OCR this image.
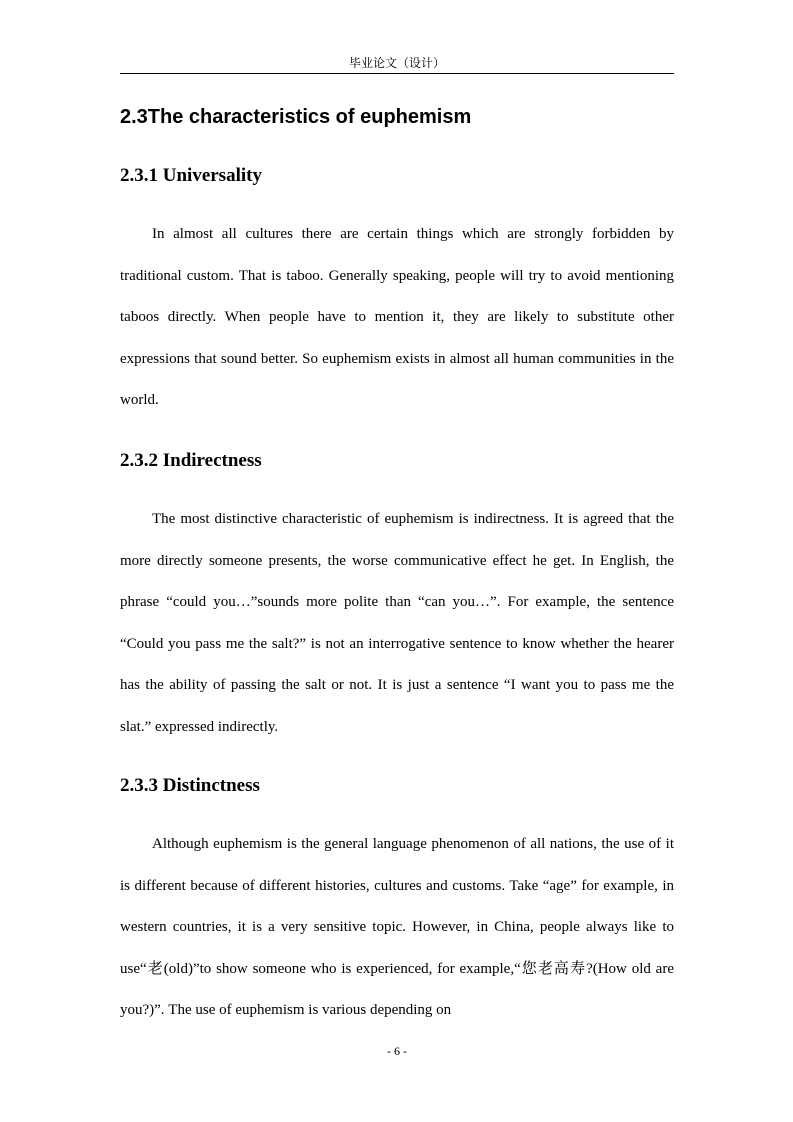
毕业论文（设计）
2.3The characteristics of euphemism
2.3.1 Universality

In almost all cultures there are certain things which are strongly forbidden by traditional custom. That is taboo. Generally speaking, people will try to avoid mentioning taboos directly. When people have to mention it, they are likely to substitute other expressions that sound better. So euphemism exists in almost all human communities in the world.

2.3.2 Indirectness

The most distinctive characteristic of euphemism is indirectness. It is agreed that the more directly someone presents, the worse communicative effect he get. In English, the phrase “could you…”sounds more polite than “can you…”. For example, the sentence “Could you pass me the salt?” is not an interrogative sentence to know whether the hearer has the ability of passing the salt or not. It is just a sentence “I want you to pass me the slat.” expressed indirectly.

2.3.3 Distinctness

Although euphemism is the general language phenomenon of all nations, the use of it is different because of different histories, cultures and customs. Take “age” for example, in western countries, it is a very sensitive topic. However, in China, people always like to use“老(old)”to show someone who is experienced, for example,“您老高寿?(How old are you?)”. The use of euphemism is various depending on

- 6 -
